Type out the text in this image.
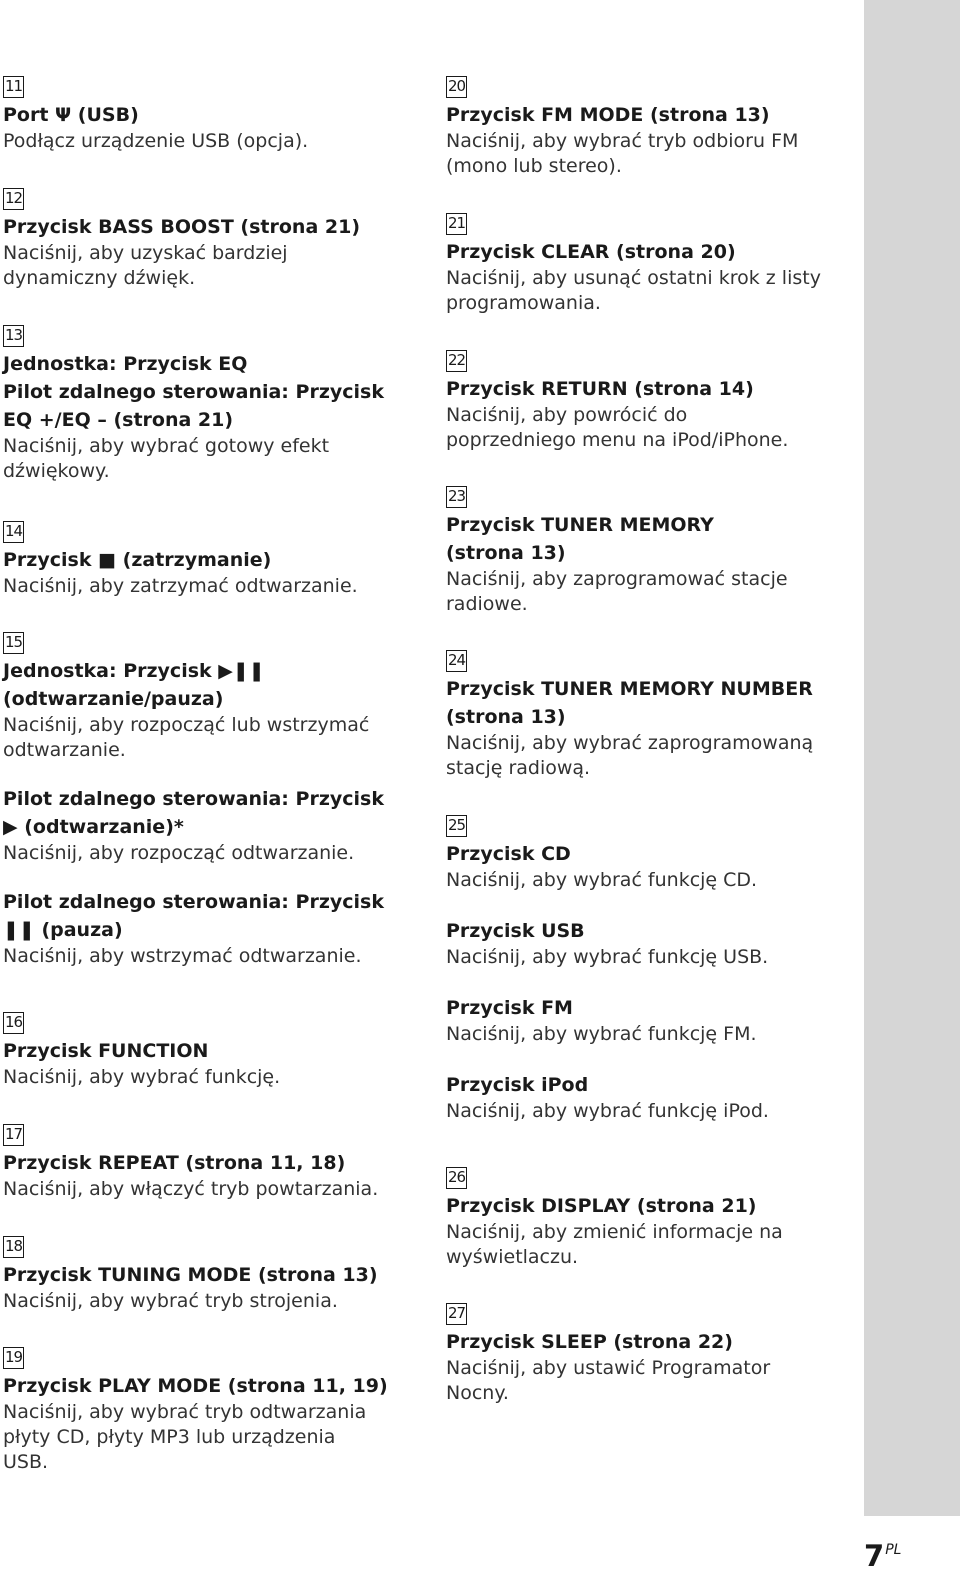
11

Port Ψ (USB)

Podłącz urządzenie USB (opcja).

12

Przycisk BASS BOOST (strona 21)

Naciśnij, aby uzyskać bardziej
dynamiczny dźwięk.

13

Jednostka: Przycisk EQ
Pilot zdalnego sterowania: Przycisk
EQ +/EQ – (strona 21)

Naciśnij, aby wybrać gotowy efekt
dźwiękowy.

14

Przycisk ■ (zatrzymanie)

Naciśnij, aby zatrzymać odtwarzanie.

15

Jednostka: Przycisk ▶❚❚
(odtwarzanie/pauza)

Naciśnij, aby rozpocząć lub wstrzymać
odtwarzanie.

Pilot zdalnego sterowania: Przycisk
▶ (odtwarzanie)*

Naciśnij, aby rozpocząć odtwarzanie.

Pilot zdalnego sterowania: Przycisk
❚❚ (pauza)

Naciśnij, aby wstrzymać odtwarzanie.

16

Przycisk FUNCTION

Naciśnij, aby wybrać funkcję.

17

Przycisk REPEAT (strona 11, 18)

Naciśnij, aby włączyć tryb powtarzania.

18

Przycisk TUNING MODE (strona 13)

Naciśnij, aby wybrać tryb strojenia.

19

Przycisk PLAY MODE (strona 11, 19)

Naciśnij, aby wybrać tryb odtwarzania
płyty CD, płyty MP3 lub urządzenia
USB.

20

Przycisk FM MODE (strona 13)

Naciśnij, aby wybrać tryb odbioru FM
(mono lub stereo).

21

Przycisk CLEAR (strona 20)

Naciśnij, aby usunąć ostatni krok z listy
programowania.

22

Przycisk RETURN (strona 14)

Naciśnij, aby powrócić do
poprzedniego menu na iPod/iPhone.

23

Przycisk TUNER MEMORY
(strona 13)

Naciśnij, aby zaprogramować stacje
radiowe.

24

Przycisk TUNER MEMORY NUMBER
(strona 13)

Naciśnij, aby wybrać zaprogramowaną
stację radiową.

25

Przycisk CD

Naciśnij, aby wybrać funkcję CD.

Przycisk USB

Naciśnij, aby wybrać funkcję USB.

Przycisk FM

Naciśnij, aby wybrać funkcję FM.

Przycisk iPod

Naciśnij, aby wybrać funkcję iPod.

26

Przycisk DISPLAY (strona 21)

Naciśnij, aby zmienić informacje na
wyświetlaczu.

27

Przycisk SLEEP (strona 22)

Naciśnij, aby ustawić Programator
Nocny.

$7^{PL}$
